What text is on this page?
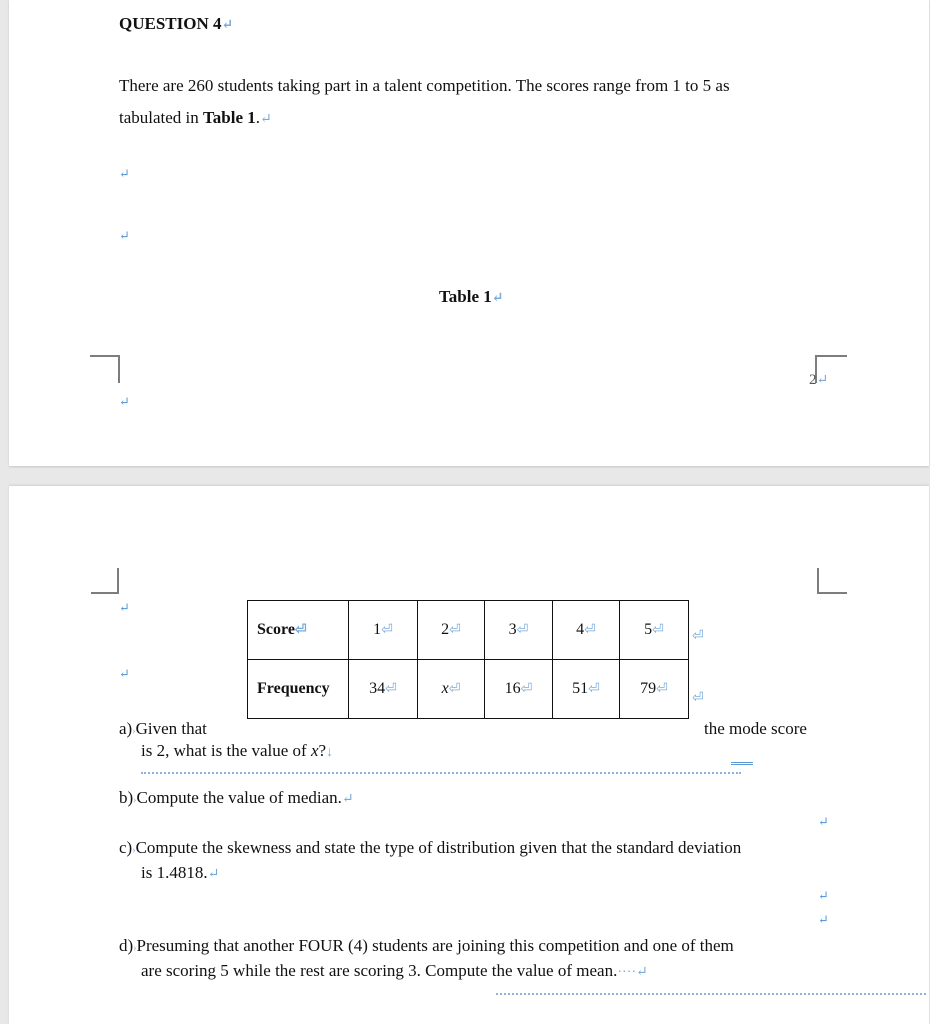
QUESTION 4↵
There are 260 students taking part in a talent competition. The scores range from 1 to 5 as
tabulated in Table 1.↵
↵
↵
Table 1↵
↵
2↵
↵
↵
Score⏎	1⏎	2⏎	3⏎	4⏎	5⏎
Frequency	34⏎	x⏎	16⏎	51⏎	79⏎
⏎
⏎
a)›Given that	the mode score
is 2, what is the value of x?↓
b)›Compute the value of median.↵
↵
c)›Compute the skewness and state the type of distribution given that the standard deviation
is 1.4818.↵
↵
↵
d)›Presuming that another FOUR (4) students are joining this competition and one of them
are scoring 5 while the rest are scoring 3. Compute the value of mean.····↵
